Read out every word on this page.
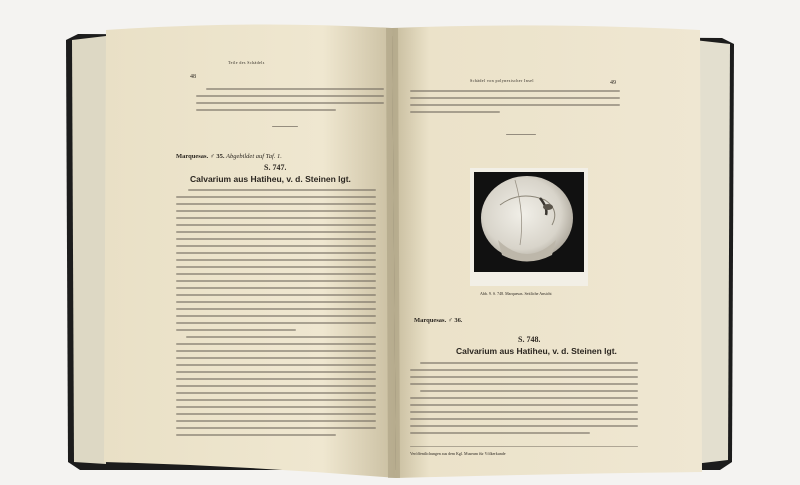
Teile des Schädels
48
Marquesas. ♂ 35. Abgebildet auf Taf. 1.
S. 747.
Calvarium aus Hatiheu, v. d. Steinen lgt.
Schädel von polynesischer Insel	49
Abb. 9. S. 748. Marquesas. Seitliche Ansicht
Marquesas. ♂ 36.
S. 748.
Calvarium aus Hatiheu, v. d. Steinen lgt.
Veröffentlichungen aus dem Kgl. Museum für Völkerkunde
